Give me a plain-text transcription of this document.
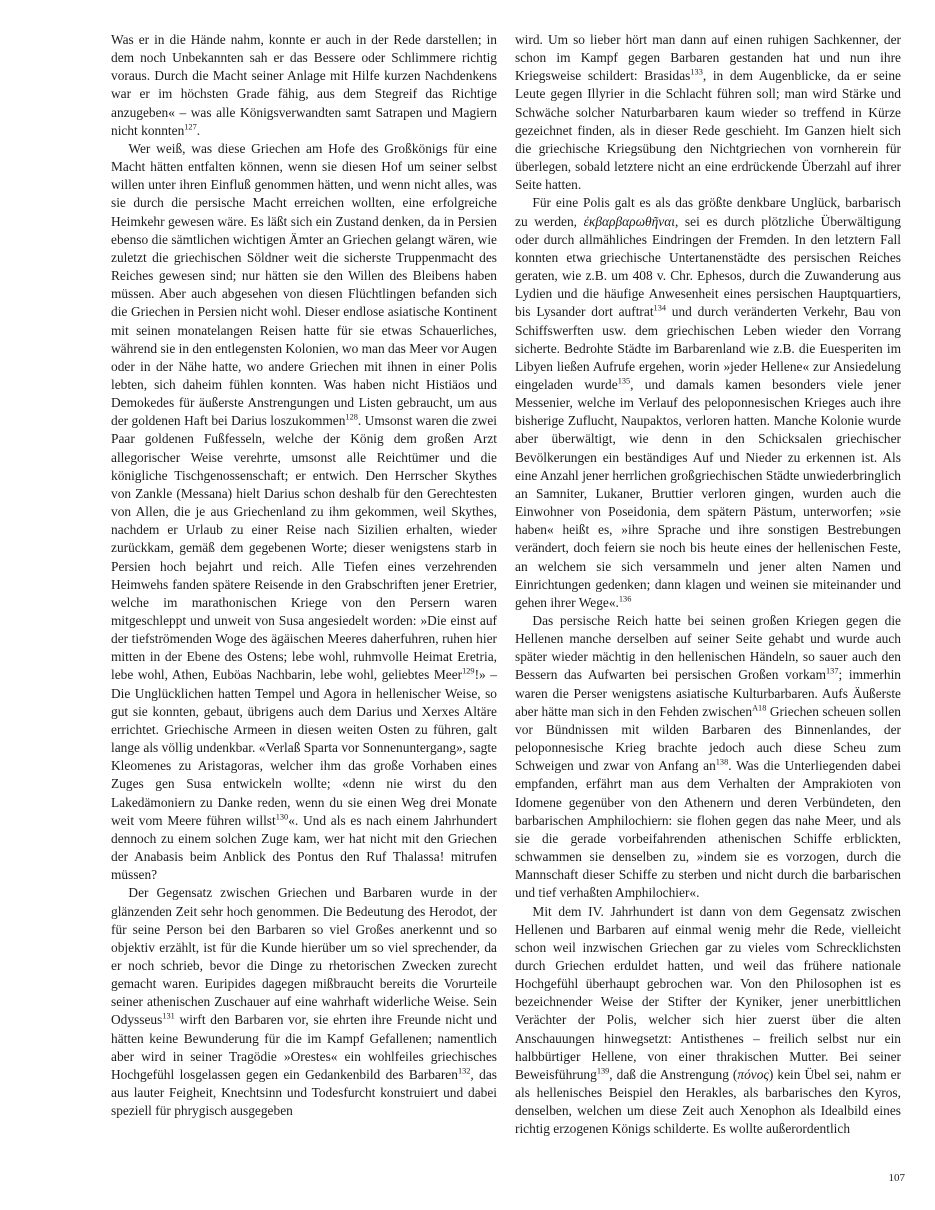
Was er in die Hände nahm, konnte er auch in der Rede darstellen; in dem noch Unbekannten sah er das Bessere oder Schlimmere richtig voraus. Durch die Macht seiner Anlage mit Hilfe kurzen Nachdenkens war er im höchsten Grade fähig, aus dem Stegreif das Richtige anzugeben« – was alle Königsverwandten samt Satrapen und Magiern nicht konnten$^{127}$.

Wer weiß, was diese Griechen am Hofe des Großkönigs für eine Macht hätten entfalten können, wenn sie diesen Hof um seiner selbst willen unter ihren Einfluß genommen hätten, und wenn nicht alles, was sie durch die persische Macht erreichen wollten, eine erfolgreiche Heimkehr gewesen wäre. Es läßt sich ein Zustand denken, da in Persien ebenso die sämtlichen wichtigen Ämter an Griechen gelangt wären, wie zuletzt die griechischen Söldner weit die sicherste Truppenmacht des Reiches gewesen sind; nur hätten sie den Willen des Bleibens haben müssen. Aber auch abgesehen von diesen Flüchtlingen befanden sich die Griechen in Persien nicht wohl. Dieser endlose asiatische Kontinent mit seinen monatelangen Reisen hatte für sie etwas Schauerliches, während sie in den entlegensten Kolonien, wo man das Meer vor Augen oder in der Nähe hatte, wo andere Griechen mit ihnen in einer Polis lebten, sich daheim fühlen konnten. Was haben nicht Histiäos und Demokedes für äußerste Anstrengungen und Listen gebraucht, um aus der goldenen Haft bei Darius loszukommen$^{128}$. Umsonst waren die zwei Paar goldenen Fußfesseln, welche der König dem großen Arzt allegorischer Weise verehrte, umsonst alle Reichtümer und die königliche Tischgenossenschaft; er entwich. Den Herrscher Skythes von Zankle (Messana) hielt Darius schon deshalb für den Gerechtesten von Allen, die je aus Griechenland zu ihm gekommen, weil Skythes, nachdem er Urlaub zu einer Reise nach Sizilien erhalten, wieder zurückkam, gemäß dem gegebenen Worte; dieser wenigstens starb in Persien hoch bejahrt und reich. Alle Tiefen eines verzehrenden Heimwehs fanden spätere Reisende in den Grabschriften jener Eretrier, welche im marathonischen Kriege von den Persern waren mitgeschleppt und unweit von Susa angesiedelt worden: »Die einst auf der tiefströmenden Woge des ägäischen Meeres daherfuhren, ruhen hier mitten in der Ebene des Ostens; lebe wohl, ruhmvolle Heimat Eretria, lebe wohl, Athen, Euböas Nachbarin, lebe wohl, geliebtes Meer$^{129}$!» – Die Unglücklichen hatten Tempel und Agora in hellenischer Weise, so gut sie konnten, gebaut, übrigens auch dem Darius und Xerxes Altäre errichtet. Griechische Armeen in diesen weiten Osten zu führen, galt lange als völlig undenkbar. «Verlaß Sparta vor Sonnenuntergang», sagte Kleomenes zu Aristagoras, welcher ihm das große Vorhaben eines Zuges gen Susa entwickeln wollte; «denn nie wirst du den Lakedämoniern zu Danke reden, wenn du sie einen Weg drei Monate weit vom Meere führen willst$^{130}$«. Und als es nach einem Jahrhundert dennoch zu einem solchen Zuge kam, wer hat nicht mit den Griechen der Anabasis beim Anblick des Pontus den Ruf Thalassa! mitrufen müssen?

Der Gegensatz zwischen Griechen und Barbaren wurde in der glänzenden Zeit sehr hoch genommen. Die Bedeutung des Herodot, der für seine Person bei den Barbaren so viel Großes anerkennt und so objektiv erzählt, ist für die Kunde hierüber um so viel sprechender, da er noch schrieb, bevor die Dinge zu rhetorischen Zwecken zurecht gemacht waren. Euripides dagegen mißbraucht bereits die Vorurteile seiner athenischen Zuschauer auf eine wahrhaft widerliche Weise. Sein Odysseus$^{131}$ wirft den Barbaren vor, sie ehrten ihre Freunde nicht und hätten keine Bewunderung für die im Kampf Gefallenen; namentlich aber wird in seiner Tragödie »Orestes« ein wohlfeiles griechisches Hochgefühl losgelassen gegen ein Gedankenbild des Barbaren$^{132}$, das aus lauter Feigheit, Knechtsinn und Todesfurcht konstruiert und dabei speziell für phrygisch ausgegeben

wird. Um so lieber hört man dann auf einen ruhigen Sachkenner, der schon im Kampf gegen Barbaren gestanden hat und nun ihre Kriegsweise schildert: Brasidas$^{133}$, in dem Augenblicke, da er seine Leute gegen Illyrier in die Schlacht führen soll; man wird Stärke und Schwäche solcher Naturbarbaren kaum wieder so treffend in Kürze gezeichnet finden, als in dieser Rede geschieht. Im Ganzen hielt sich die griechische Kriegsübung den Nichtgriechen von vornherein für überlegen, sobald letztere nicht an eine erdrückende Überzahl auf ihrer Seite hatten.

Für eine Polis galt es als das größte denkbare Unglück, barbarisch zu werden, ἐκβαρβαρωθῆναι, sei es durch plötzliche Überwältigung oder durch allmähliches Eindringen der Fremden. In den letztern Fall konnten etwa griechische Untertanenstädte des persischen Reiches geraten, wie z.B. um 408 v. Chr. Ephesos, durch die Zuwanderung aus Lydien und die häufige Anwesenheit eines persischen Hauptquartiers, bis Lysander dort auftrat$^{134}$ und durch veränderten Verkehr, Bau von Schiffswerften usw. dem griechischen Leben wieder den Vorrang sicherte. Bedrohte Städte im Barbarenland wie z.B. die Euesperiten im Libyen ließen Aufrufe ergehen, worin »jeder Hellene« zur Ansiedelung eingeladen wurde$^{135}$, und damals kamen besonders viele jener Messenier, welche im Verlauf des peloponnesischen Krieges auch ihre bisherige Zuflucht, Naupaktos, verloren hatten. Manche Kolonie wurde aber überwältigt, wie denn in den Schicksalen griechischer Bevölkerungen ein beständiges Auf und Nieder zu erkennen ist. Als eine Anzahl jener herrlichen großgriechischen Städte unwiederbringlich an Samniter, Lukaner, Bruttier verloren gingen, wurden auch die Einwohner von Poseidonia, dem spätern Pästum, unterworfen; »sie haben« heißt es, »ihre Sprache und ihre sonstigen Bestrebungen verändert, doch feiern sie noch bis heute eines der hellenischen Feste, an welchem sie sich versammeln und jener alten Namen und Einrichtungen gedenken; dann klagen und weinen sie miteinander und gehen ihrer Wege«.$^{136}$

Das persische Reich hatte bei seinen großen Kriegen gegen die Hellenen manche derselben auf seiner Seite gehabt und wurde auch später wieder mächtig in den hellenischen Händeln, so sauer auch den Bessern das Aufwarten bei persischen Großen vorkam$^{137}$; immerhin waren die Perser wenigstens asiatische Kulturbarbaren. Aufs Äußerste aber hätte man sich in den Fehden zwischen$^{A18}$ Griechen scheuen sollen vor Bündnissen mit wilden Barbaren des Binnenlandes, der peloponnesische Krieg brachte jedoch auch diese Scheu zum Schweigen und zwar von Anfang an$^{138}$. Was die Unterliegenden dabei empfanden, erfährt man aus dem Verhalten der Amprakioten von Idomene gegenüber von den Athenern und deren Verbündeten, den barbarischen Amphilochiern: sie flohen gegen das nahe Meer, und als sie die gerade vorbeifahrenden athenischen Schiffe erblickten, schwammen sie denselben zu, »indem sie es vorzogen, durch die Mannschaft dieser Schiffe zu sterben und nicht durch die barbarischen und tief verhaßten Amphilochier«.

Mit dem IV. Jahrhundert ist dann von dem Gegensatz zwischen Hellenen und Barbaren auf einmal wenig mehr die Rede, vielleicht schon weil inzwischen Griechen gar zu vieles vom Schrecklichsten durch Griechen erduldet hatten, und weil das frühere nationale Hochgefühl überhaupt gebrochen war. Von den Philosophen ist es bezeichnender Weise der Stifter der Kyniker, jener unerbittlichen Verächter der Polis, welcher sich hier zuerst über die alten Anschauungen hinwegsetzt: Antisthenes – freilich selbst nur ein halbbürtiger Hellene, von einer thrakischen Mutter. Bei seiner Beweisführung$^{139}$, daß die Anstrengung (πόνος) kein Übel sei, nahm er als hellenisches Beispiel den Herakles, als barbarisches den Kyros, denselben, welchen um diese Zeit auch Xenophon als Idealbild eines richtig erzogenen Königs schilderte. Es wollte außerordentlich

107
